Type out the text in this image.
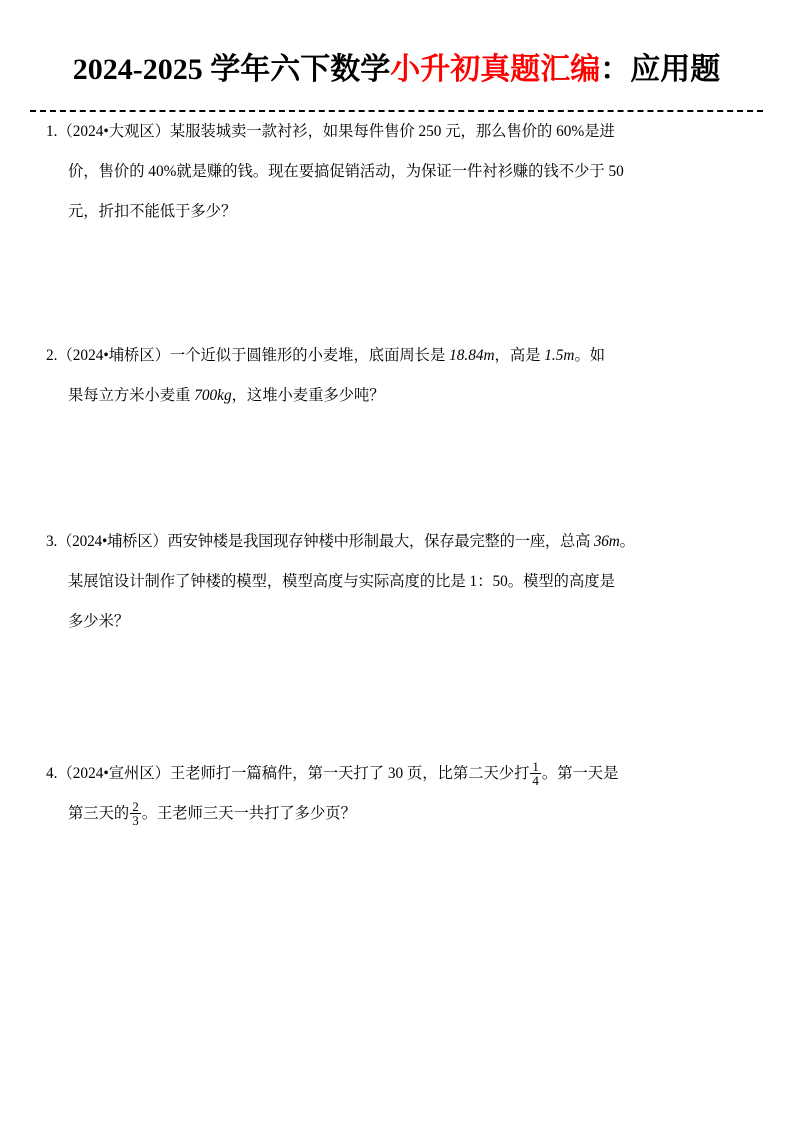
2024-2025 学年六下数学小升初真题汇编：应用题
1.（2024•大观区）某服装城卖一款衬衫，如果每件售价 250 元，那么售价的 60%是进
价，售价的 40%就是赚的钱。现在要搞促销活动，为保证一件衬衫赚的钱不少于 50
元，折扣不能低于多少？
2.（2024•埔桥区）一个近似于圆锥形的小麦堆，底面周长是 18.84m，高是 1.5m。如
果每立方米小麦重 700kg，这堆小麦重多少吨？
3.（2024•埔桥区）西安钟楼是我国现存钟楼中形制最大，保存最完整的一座，总高 36m。
某展馆设计制作了钟楼的模型，模型高度与实际高度的比是 1：50。模型的高度是
多少米？
4.（2024•宣州区）王老师打一篇稿件，第一天打了 30 页，比第二天少打 $\frac{1}{4}$ 。第一天是
第三天的 $\frac{2}{3}$ 。王老师三天一共打了多少页？
